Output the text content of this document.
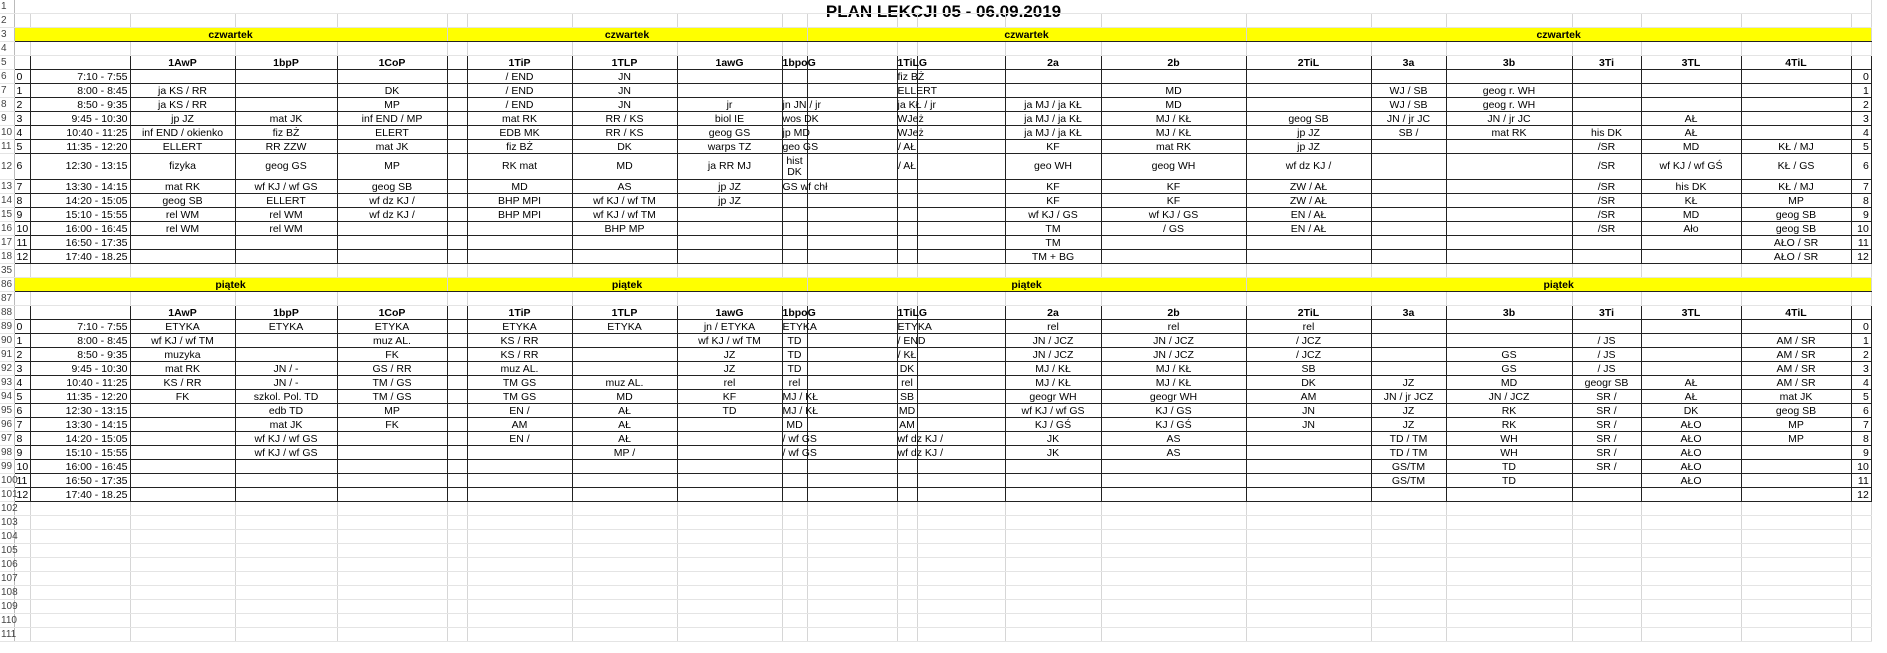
PLAN LEKCJI 05 - 06.09.2019
1																						
2																						
3	czwartek					czwartek					czwartek					czwartek						
4																						
5			1AwP	1bpP	1CoP		1TiP	1TLP	1awG	1bpoG		1TiLG		2a	2b	2TiL	3a	3b	3Ti	3TL	4TiL	
6	0	7:10 - 7:55					/ END	JN				fiz BŻ										0
7	1	8:00 - 8:45	ja KS / RR		DK		/ END	JN				ELLERT			MD		WJ / SB	geog r. WH				1
8	2	8:50 - 9:35	ja KS / RR		MP		/ END	JN	jr	jn JN / jr		ja KŁ / jr		ja MJ / ja KŁ	MD		WJ / SB	geog r. WH				2
9	3	9:45 - 10:30	jp JZ	mat JK	inf END / MP		mat RK	RR / KS	biol IE	wos DK		WJeż		ja MJ / ja KŁ	MJ / KŁ	geog SB	JN / jr JC	JN / jr JC		AŁ		3
10	4	10:40 - 11:25	inf END / okienko	fiz BŻ	ELERT		EDB MK	RR / KS	geog GS	jp MD		WJeż		ja MJ / ja KŁ	MJ / KŁ	jp JZ	SB /	mat RK	his DK	AŁ		4
11	5	11:35 - 12:20	ELLERT	RR ZZW	mat JK		fiz BŻ	DK	warps TZ	geo GS		/ AŁ		KF	mat RK	jp JZ			/SR	MD	KŁ / MJ	5
12	6	12:30 - 13:15	fizyka	geog GS	MP		RK mat	MD	ja RR MJ	hist DK		/ AŁ		geo WH	geog WH	wf dz KJ /			/SR	wf KJ / wf GŚ	KŁ / GS	6
13	7	13:30 - 14:15	mat RK	wf KJ / wf GS	geog SB		MD	AS	jp JZ	GS wf chł				KF	KF	ZW / AŁ			/SR	his DK	KŁ / MJ	7
14	8	14:20 - 15:05	geog SB	ELLERT	wf dz KJ /		BHP MPI	wf KJ / wf TM	jp JZ					KF	KF	ZW / AŁ			/SR	KŁ	MP	8
15	9	15:10 - 15:55	rel WM	rel WM	wf dz KJ /		BHP MPI	wf KJ / wf TM						wf KJ / GS	wf KJ / GS	EN / AŁ			/SR	MD	geog SB	9
16	10	16:00 - 16:45	rel WM	rel WM				BHP MP						TM	/ GS	EN / AŁ			/SR	Ało	geog SB	10
17	11	16:50 - 17:35												TM							AŁO / SR	11
18	12	17:40 - 18.25												TM + BG							AŁO / SR	12
35																						
86	piątek					piątek					piątek					piątek						
87																						
88			1AwP	1bpP	1CoP		1TiP	1TLP	1awG	1bpoG		1TiLG		2a	2b	2TiL	3a	3b	3Ti	3TL	4TiL	
89	0	7:10 - 7:55	ETYKA	ETYKA	ETYKA		ETYKA	ETYKA	jn / ETYKA	ETYKA		ETYKA		rel	rel	rel						0
90	1	8:00 - 8:45	wf KJ / wf TM		muz AL.		KS / RR		wf KJ / wf TM	TD		/ END		JN / JCZ	JN / JCZ	/ JCZ			/ JS		AM / SR	1
91	2	8:50 - 9:35	muzyka		FK		KS / RR		JZ	TD		/ KŁ		JN / JCZ	JN / JCZ	/ JCZ		GS	/ JS		AM / SR	2
92	3	9:45 - 10:30	mat RK	JN / -	GS / RR		muz AL.		JZ	TD		DK		MJ / KŁ	MJ / KŁ	SB		GS	/ JS		AM / SR	3
93	4	10:40 - 11:25	KS / RR	JN / -	TM / GS		TM GS	muz AL.	rel	rel		rel		MJ / KŁ	MJ / KŁ	DK	JZ	MD	geogr SB	AŁ	AM / SR	4
94	5	11:35 - 12:20	FK	szkol. Pol. TD	TM / GS		TM GS	MD	KF	MJ / KŁ		SB		geogr WH	geogr WH	AM	JN / jr JCZ	JN / JCZ	SR /	AŁ	mat JK	5
95	6	12:30 - 13:15		edb TD	MP		EN /	AŁ	TD	MJ / KŁ		MD		wf KJ / wf GS	KJ / GS	JN	JZ	RK	SR /	DK	geog SB	6
96	7	13:30 - 14:15		mat JK	FK		AM	AŁ		MD		AM		KJ / GŚ	KJ / GŚ	JN	JZ	RK	SR /	AŁO	MP	7
97	8	14:20 - 15:05		wf KJ / wf GS			EN /	AŁ		/ wf GS		wf dz KJ /		JK	AS		TD / TM	WH	SR /	AŁO	MP	8
98	9	15:10 - 15:55		wf KJ / wf GS				MP /		/ wf GS		wf dz KJ /		JK	AS		TD / TM	WH	SR /	AŁO		9
99	10	16:00 - 16:45															GS/TM	TD	SR /	AŁO		10
100	11	16:50 - 17:35															GS/TM	TD		AŁO		11
101	12	17:40 - 18.25																				12
102																						
103																						
104																						
105																						
106																						
107																						
108																						
109																						
110																						
111																						
